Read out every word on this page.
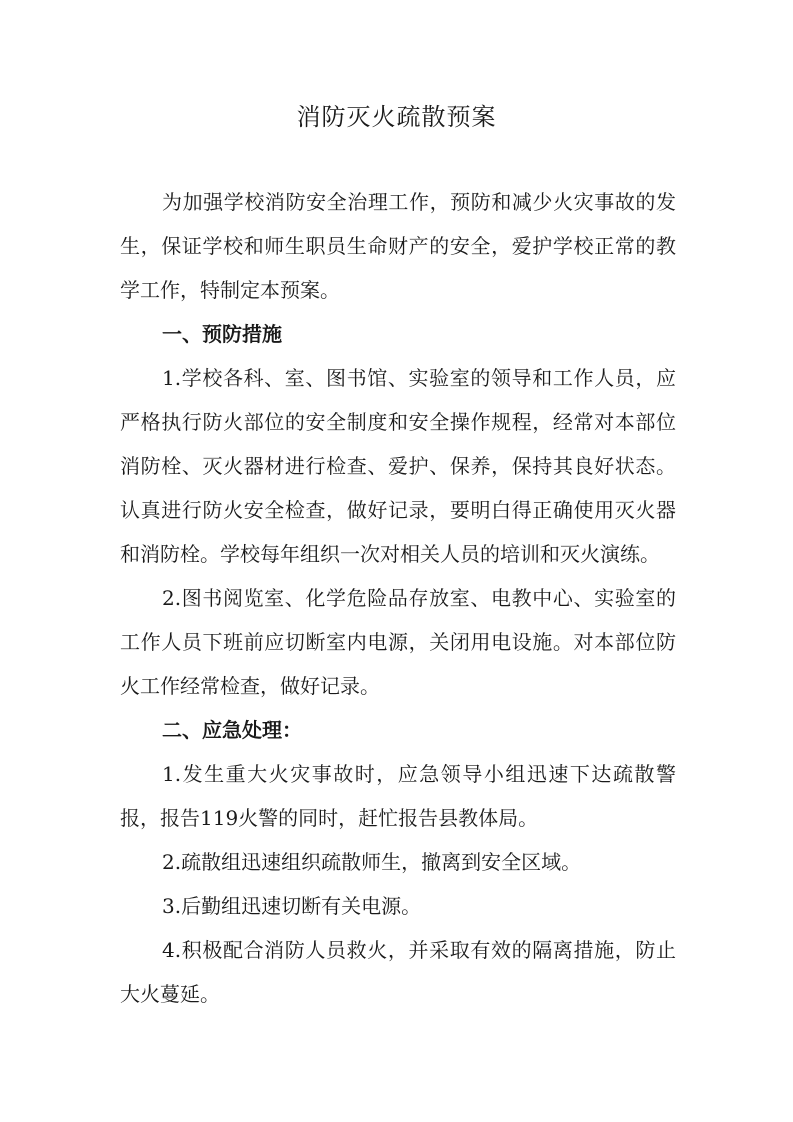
消防灭火疏散预案

为加强学校消防安全治理工作，预防和减少火灾事故的发生，保证学校和师生职员生命财产的安全，爱护学校正常的教学工作，特制定本预案。

一、预防措施

1.学校各科、室、图书馆、实验室的领导和工作人员，应严格执行防火部位的安全制度和安全操作规程，经常对本部位消防栓、灭火器材进行检查、爱护、保养，保持其良好状态。认真进行防火安全检查，做好记录，要明白得正确使用灭火器和消防栓。学校每年组织一次对相关人员的培训和灭火演练。

2.图书阅览室、化学危险品存放室、电教中心、实验室的工作人员下班前应切断室内电源，关闭用电设施。对本部位防火工作经常检查，做好记录。

二、应急处理：

1.发生重大火灾事故时，应急领导小组迅速下达疏散警报，报告119火警的同时，赶忙报告县教体局。

2.疏散组迅速组织疏散师生，撤离到安全区域。

3.后勤组迅速切断有关电源。

4.积极配合消防人员救火，并采取有效的隔离措施，防止大火蔓延。
